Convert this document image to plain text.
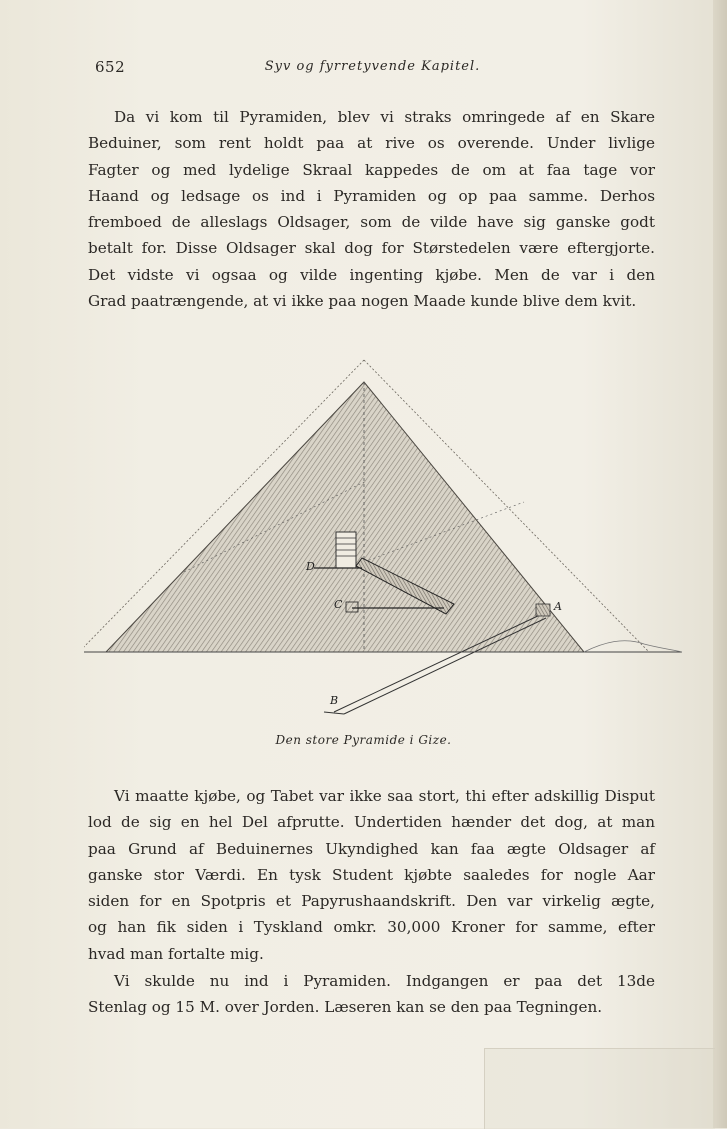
652	Syv og fyrretyvende Kapitel.
Da vi kom til Pyramiden, blev vi straks omringede af en Skare
Beduiner, som rent holdt paa at rive os overende. Under livlige
Fagter og med lydelige Skraal kappedes de om at faa tage vor
Haand og ledsage os ind i Pyramiden og op paa samme. Derhos
fremboed de alleslags Oldsager, som de vilde have sig ganske godt
betalt for. Disse Oldsager skal dog for Størstedelen være eftergjorte.
Det vidste vi ogsaa og vilde ingenting kjøbe. Men de var i den
Grad paatrængende, at vi ikke paa nogen Maade kunde blive dem kvit.
A
B
C
D
Den store Pyramide i Gize.
Vi maatte kjøbe, og Tabet var ikke saa stort, thi efter adskillig Disput
lod de sig en hel Del afprutte. Undertiden hænder det dog, at man
paa Grund af Beduinernes Ukyndighed kan faa ægte Oldsager af
ganske stor Værdi. En tysk Student kjøbte saaledes for nogle Aar
siden for en Spotpris et Papyrushaandskrift. Den var virkelig ægte,
og han fik siden i Tyskland omkr. 30,000 Kroner for samme, efter
hvad man fortalte mig.
Vi skulde nu ind i Pyramiden. Indgangen er paa det 13de
Stenlag og 15 M. over Jorden. Læseren kan se den paa Tegningen.
